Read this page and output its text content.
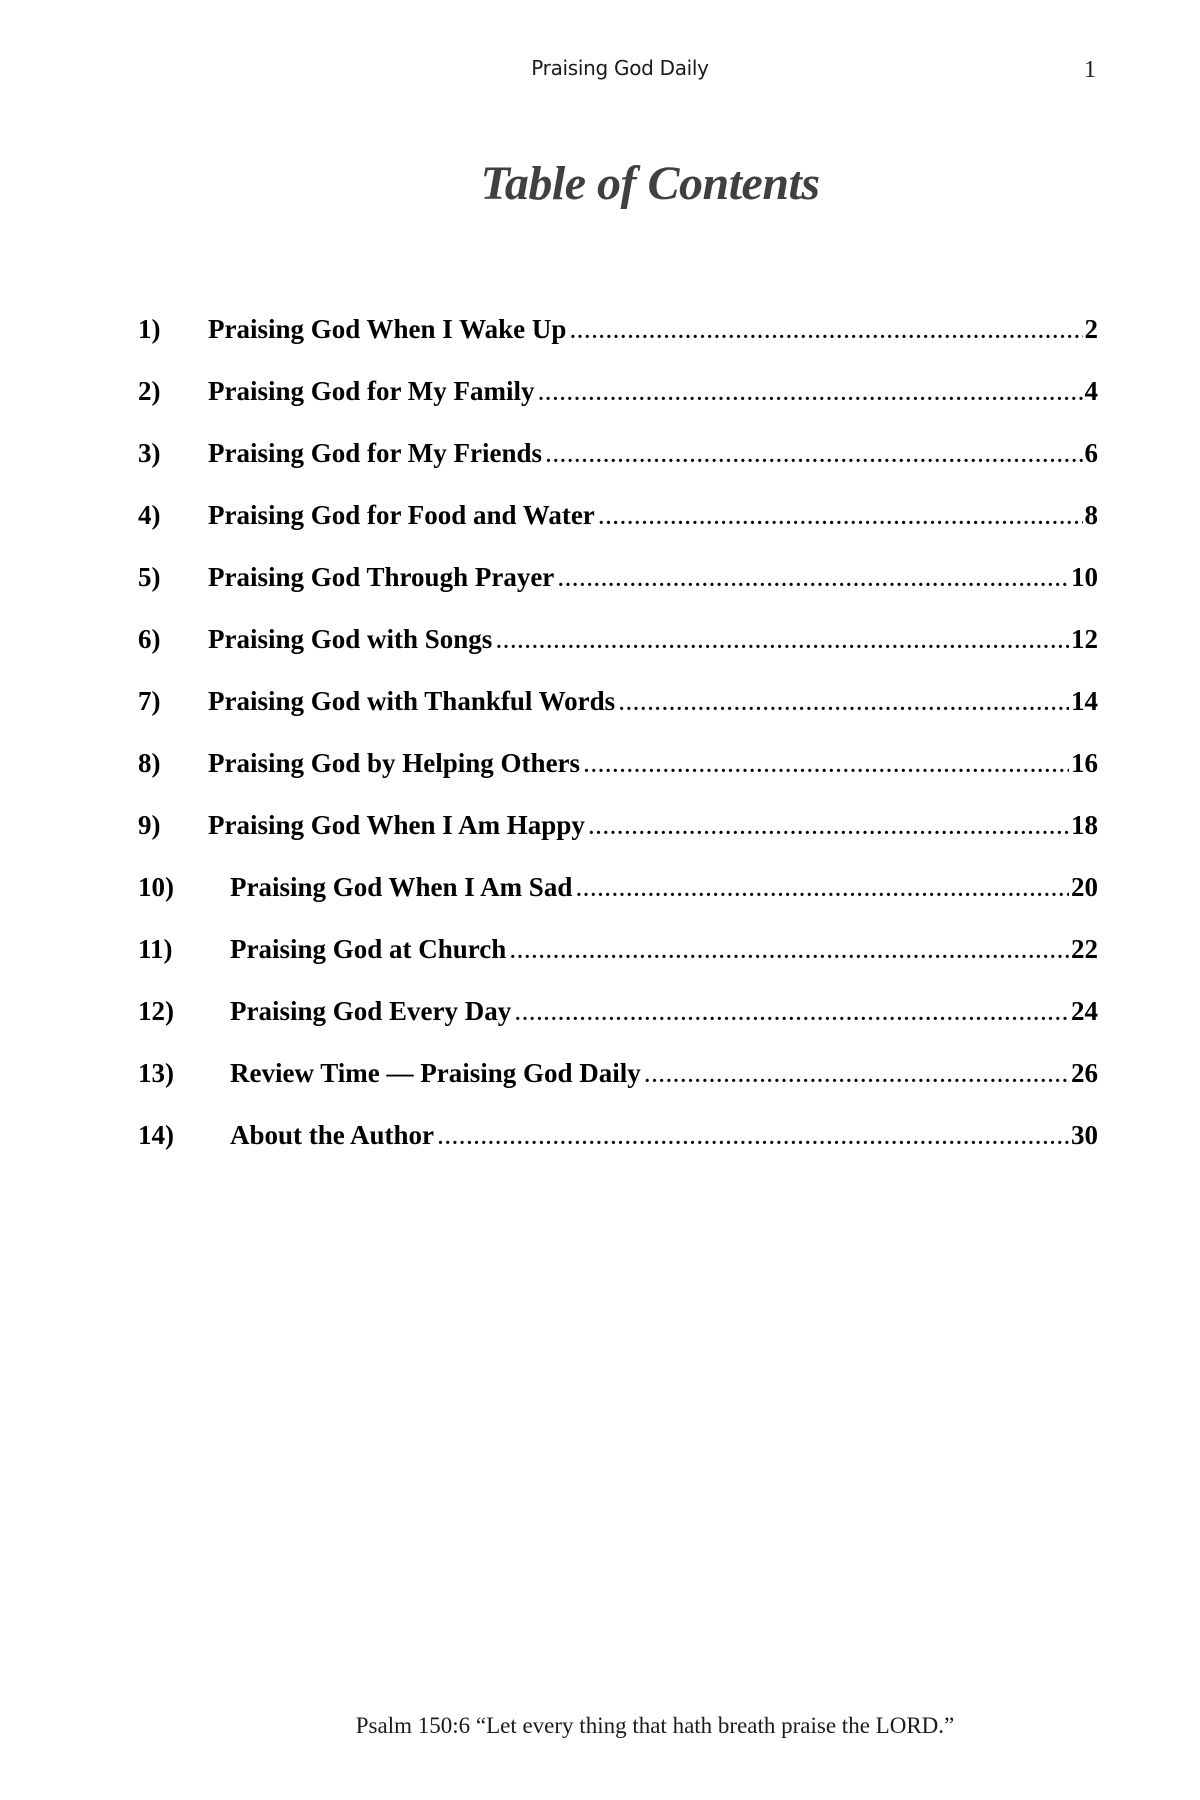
Praising God Daily	1
Table of Contents
1)	Praising God When I Wake Up .....	2
2)	Praising God for My Family .....	4
3)	Praising God for My Friends .....	6
4)	Praising God for Food and Water .....	8
5)	Praising God Through Prayer .....	10
6)	Praising God with Songs .....	12
7)	Praising God with Thankful Words .....	14
8)	Praising God by Helping Others .....	16
9)	Praising God When I Am Happy .....	18
10)	Praising God When I Am Sad .....	20
11)	Praising God at Church .....	22
12)	Praising God Every Day .....	24
13)	Review Time — Praising God Daily .....	26
14)	About the Author .....	30
Psalm 150:6 “Let every thing that hath breath praise the LORD.”
